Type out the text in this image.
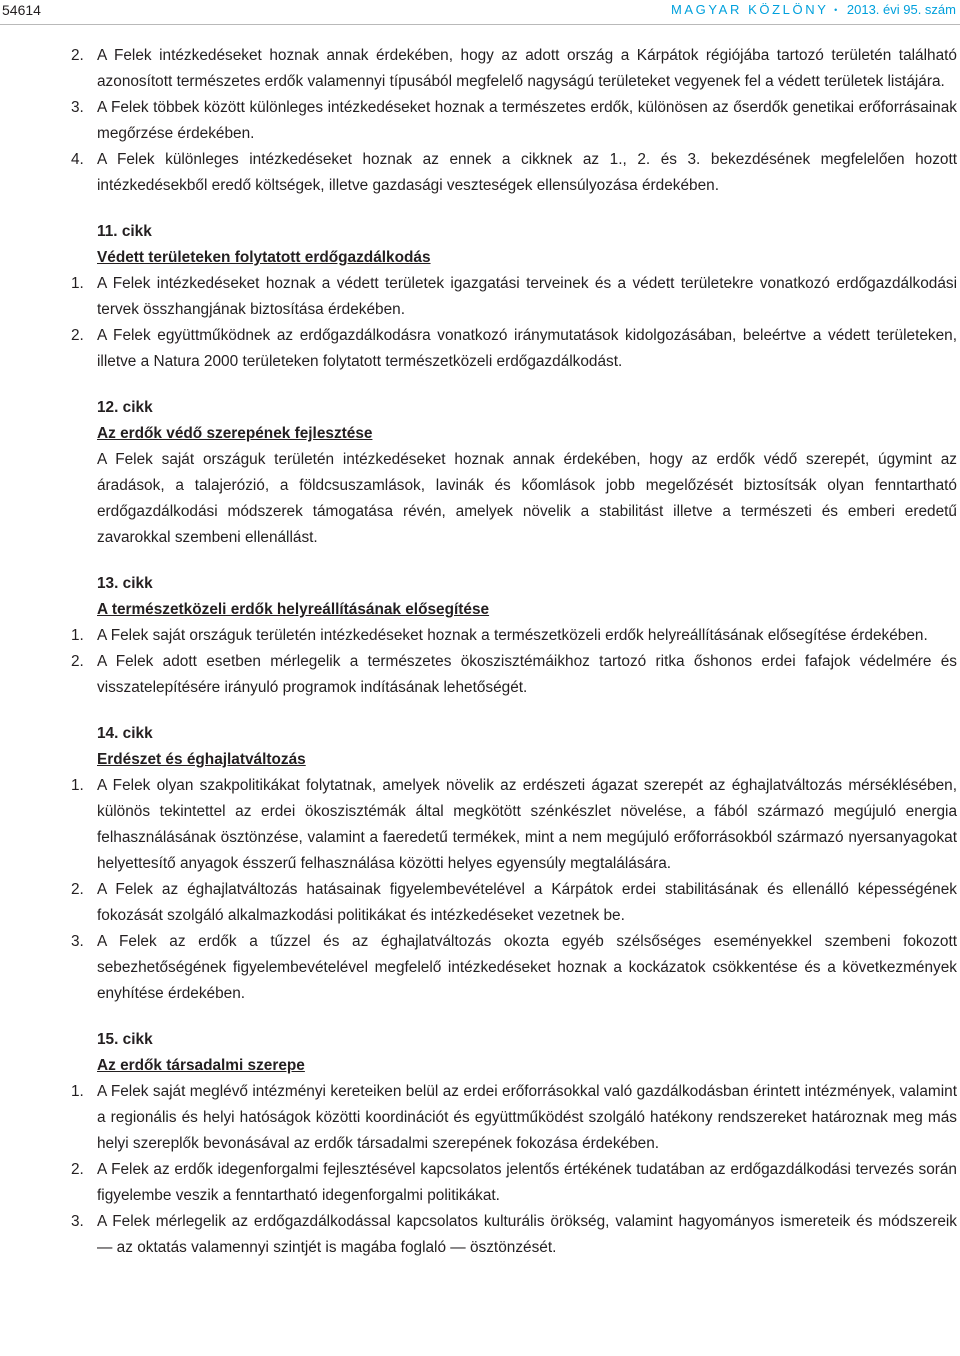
54614	MAGYAR KÖZLÖNY • 2013. évi 95. szám

2. A Felek intézkedéseket hoznak annak érdekében, hogy az adott ország a Kárpátok régiójába tartozó területén található azonosított természetes erdők valamennyi típusából megfelelő nagyságú területeket vegyenek fel a védett területek listájára.

3. A Felek többek között különleges intézkedéseket hoznak a természetes erdők, különösen az őserdők genetikai erőforrásainak megőrzése érdekében.

4. A Felek különleges intézkedéseket hoznak az ennek a cikknek az 1., 2. és 3. bekezdésének megfelelően hozott intézkedésekből eredő költségek, illetve gazdasági veszteségek ellensúlyozása érdekében.

11. cikk
Védett területeken folytatott erdőgazdálkodás

1. A Felek intézkedéseket hoznak a védett területek igazgatási terveinek és a védett területekre vonatkozó erdőgazdálkodási tervek összhangjának biztosítása érdekében.

2. A Felek együttműködnek az erdőgazdálkodásra vonatkozó iránymutatások kidolgozásában, beleértve a védett területeken, illetve a Natura 2000 területeken folytatott természetközeli erdőgazdálkodást.

12. cikk
Az erdők védő szerepének fejlesztése

A Felek saját országuk területén intézkedéseket hoznak annak érdekében, hogy az erdők védő szerepét, úgymint az áradások, a talajerózió, a földcsuszamlások, lavinák és kőomlások jobb megelőzését biztosítsák olyan fenntartható erdőgazdálkodási módszerek támogatása révén, amelyek növelik a stabilitást illetve a természeti és emberi eredetű zavarokkal szembeni ellenállást.

13. cikk
A természetközeli erdők helyreállításának elősegítése

1. A Felek saját országuk területén intézkedéseket hoznak a természetközeli erdők helyreállításának elősegítése érdekében.

2. A Felek adott esetben mérlegelik a természetes ökoszisztémáikhoz tartozó ritka őshonos erdei fafajok védelmére és visszatelepítésére irányuló programok indításának lehetőségét.

14. cikk
Erdészet és éghajlatváltozás

1. A Felek olyan szakpolitikákat folytatnak, amelyek növelik az erdészeti ágazat szerepét az éghajlatváltozás mérséklésében, különös tekintettel az erdei ökoszisztémák által megkötött szénkészlet növelése, a fából származó megújuló energia felhasználásának ösztönzése, valamint a faeredetű termékek, mint a nem megújuló erőforrásokból származó nyersanyagokat helyettesítő anyagok ésszerű felhasználása közötti helyes egyensúly megtalálására.

2. A Felek az éghajlatváltozás hatásainak figyelembevételével a Kárpátok erdei stabilitásának és ellenálló képességének fokozását szolgáló alkalmazkodási politikákat és intézkedéseket vezetnek be.

3. A Felek az erdők a tűzzel és az éghajlatváltozás okozta egyéb szélsőséges eseményekkel szembeni fokozott sebezhetőségének figyelembevételével megfelelő intézkedéseket hoznak a kockázatok csökkentése és a következmények enyhítése érdekében.

15. cikk
Az erdők társadalmi szerepe

1. A Felek saját meglévő intézményi kereteiken belül az erdei erőforrásokkal való gazdálkodásban érintett intézmények, valamint a regionális és helyi hatóságok közötti koordinációt és együttműködést szolgáló hatékony rendszereket határoznak meg más helyi szereplők bevonásával az erdők társadalmi szerepének fokozása érdekében.

2. A Felek az erdők idegenforgalmi fejlesztésével kapcsolatos jelentős értékének tudatában az erdőgazdálkodási tervezés során figyelembe veszik a fenntartható idegenforgalmi politikákat.

3. A Felek mérlegelik az erdőgazdálkodással kapcsolatos kulturális örökség, valamint hagyományos ismereteik és módszereik — az oktatás valamennyi szintjét is magába foglaló — ösztönzését.
